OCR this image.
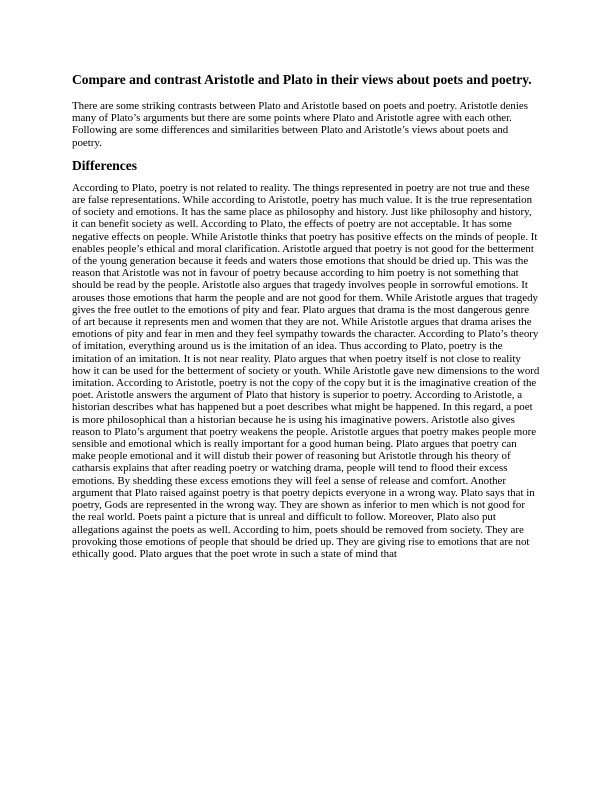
Compare and contrast Aristotle and Plato in their views about poets and poetry.

There are some striking contrasts between Plato and Aristotle based on poets and poetry. Aristotle denies many of Plato’s arguments but there are some points where Plato and Aristotle agree with each other. Following are some differences and similarities between Plato and Aristotle’s views about poets and poetry.

Differences

According to Plato, poetry is not related to reality. The things represented in poetry are not true and these are false representations. While according to Aristotle, poetry has much value. It is the true representation of society and emotions. It has the same place as philosophy and history. Just like philosophy and history, it can benefit society as well. According to Plato, the effects of poetry are not acceptable. It has some negative effects on people. While Aristotle thinks that poetry has positive effects on the minds of people. It enables people’s ethical and moral clarification. Aristotle argued that poetry is not good for the betterment of the young generation because it feeds and waters those emotions that should be dried up. This was the reason that Aristotle was not in favour of poetry because according to him poetry is not something that should be read by the people. Aristotle also argues that tragedy involves people in sorrowful emotions. It arouses those emotions that harm the people and are not good for them. While Aristotle argues that tragedy gives the free outlet to the emotions of pity and fear. Plato argues that drama is the most dangerous genre of art because it represents men and women that they are not. While Aristotle argues that drama arises the emotions of pity and fear in men and they feel sympathy towards the character. According to Plato’s theory of imitation, everything around us is the imitation of an idea. Thus according to Plato, poetry is the imitation of an imitation. It is not near reality. Plato argues that when poetry itself is not close to reality how it can be used for the betterment of society or youth. While Aristotle gave new dimensions to the word imitation. According to Aristotle, poetry is not the copy of the copy but it is the imaginative creation of the poet. Aristotle answers the argument of Plato that history is superior to poetry. According to Aristotle, a historian describes what has happened but a poet describes what might be happened. In this regard, a poet is more philosophical than a historian because he is using his imaginative powers. Aristotle also gives reason to Plato’s argument that poetry weakens the people. Aristotle argues that poetry makes people more sensible and emotional which is really important for a good human being. Plato argues that poetry can make people emotional and it will distub their power of reasoning but Aristotle through his theory of catharsis explains that after reading poetry or watching drama, people will tend to flood their excess emotions. By shedding these excess emotions they will feel a sense of release and comfort. Another argument that Plato raised against poetry is that poetry depicts everyone in a wrong way. Plato says that in poetry, Gods are represented in the wrong way. They are shown as inferior to men which is not good for the real world. Poets paint a picture that is unreal and difficult to follow. Moreover, Plato also put allegations against the poets as well. According to him, poets should be removed from society. They are provoking those emotions of people that should be dried up. They are giving rise to emotions that are not ethically good. Plato argues that the poet wrote in such a state of mind that
